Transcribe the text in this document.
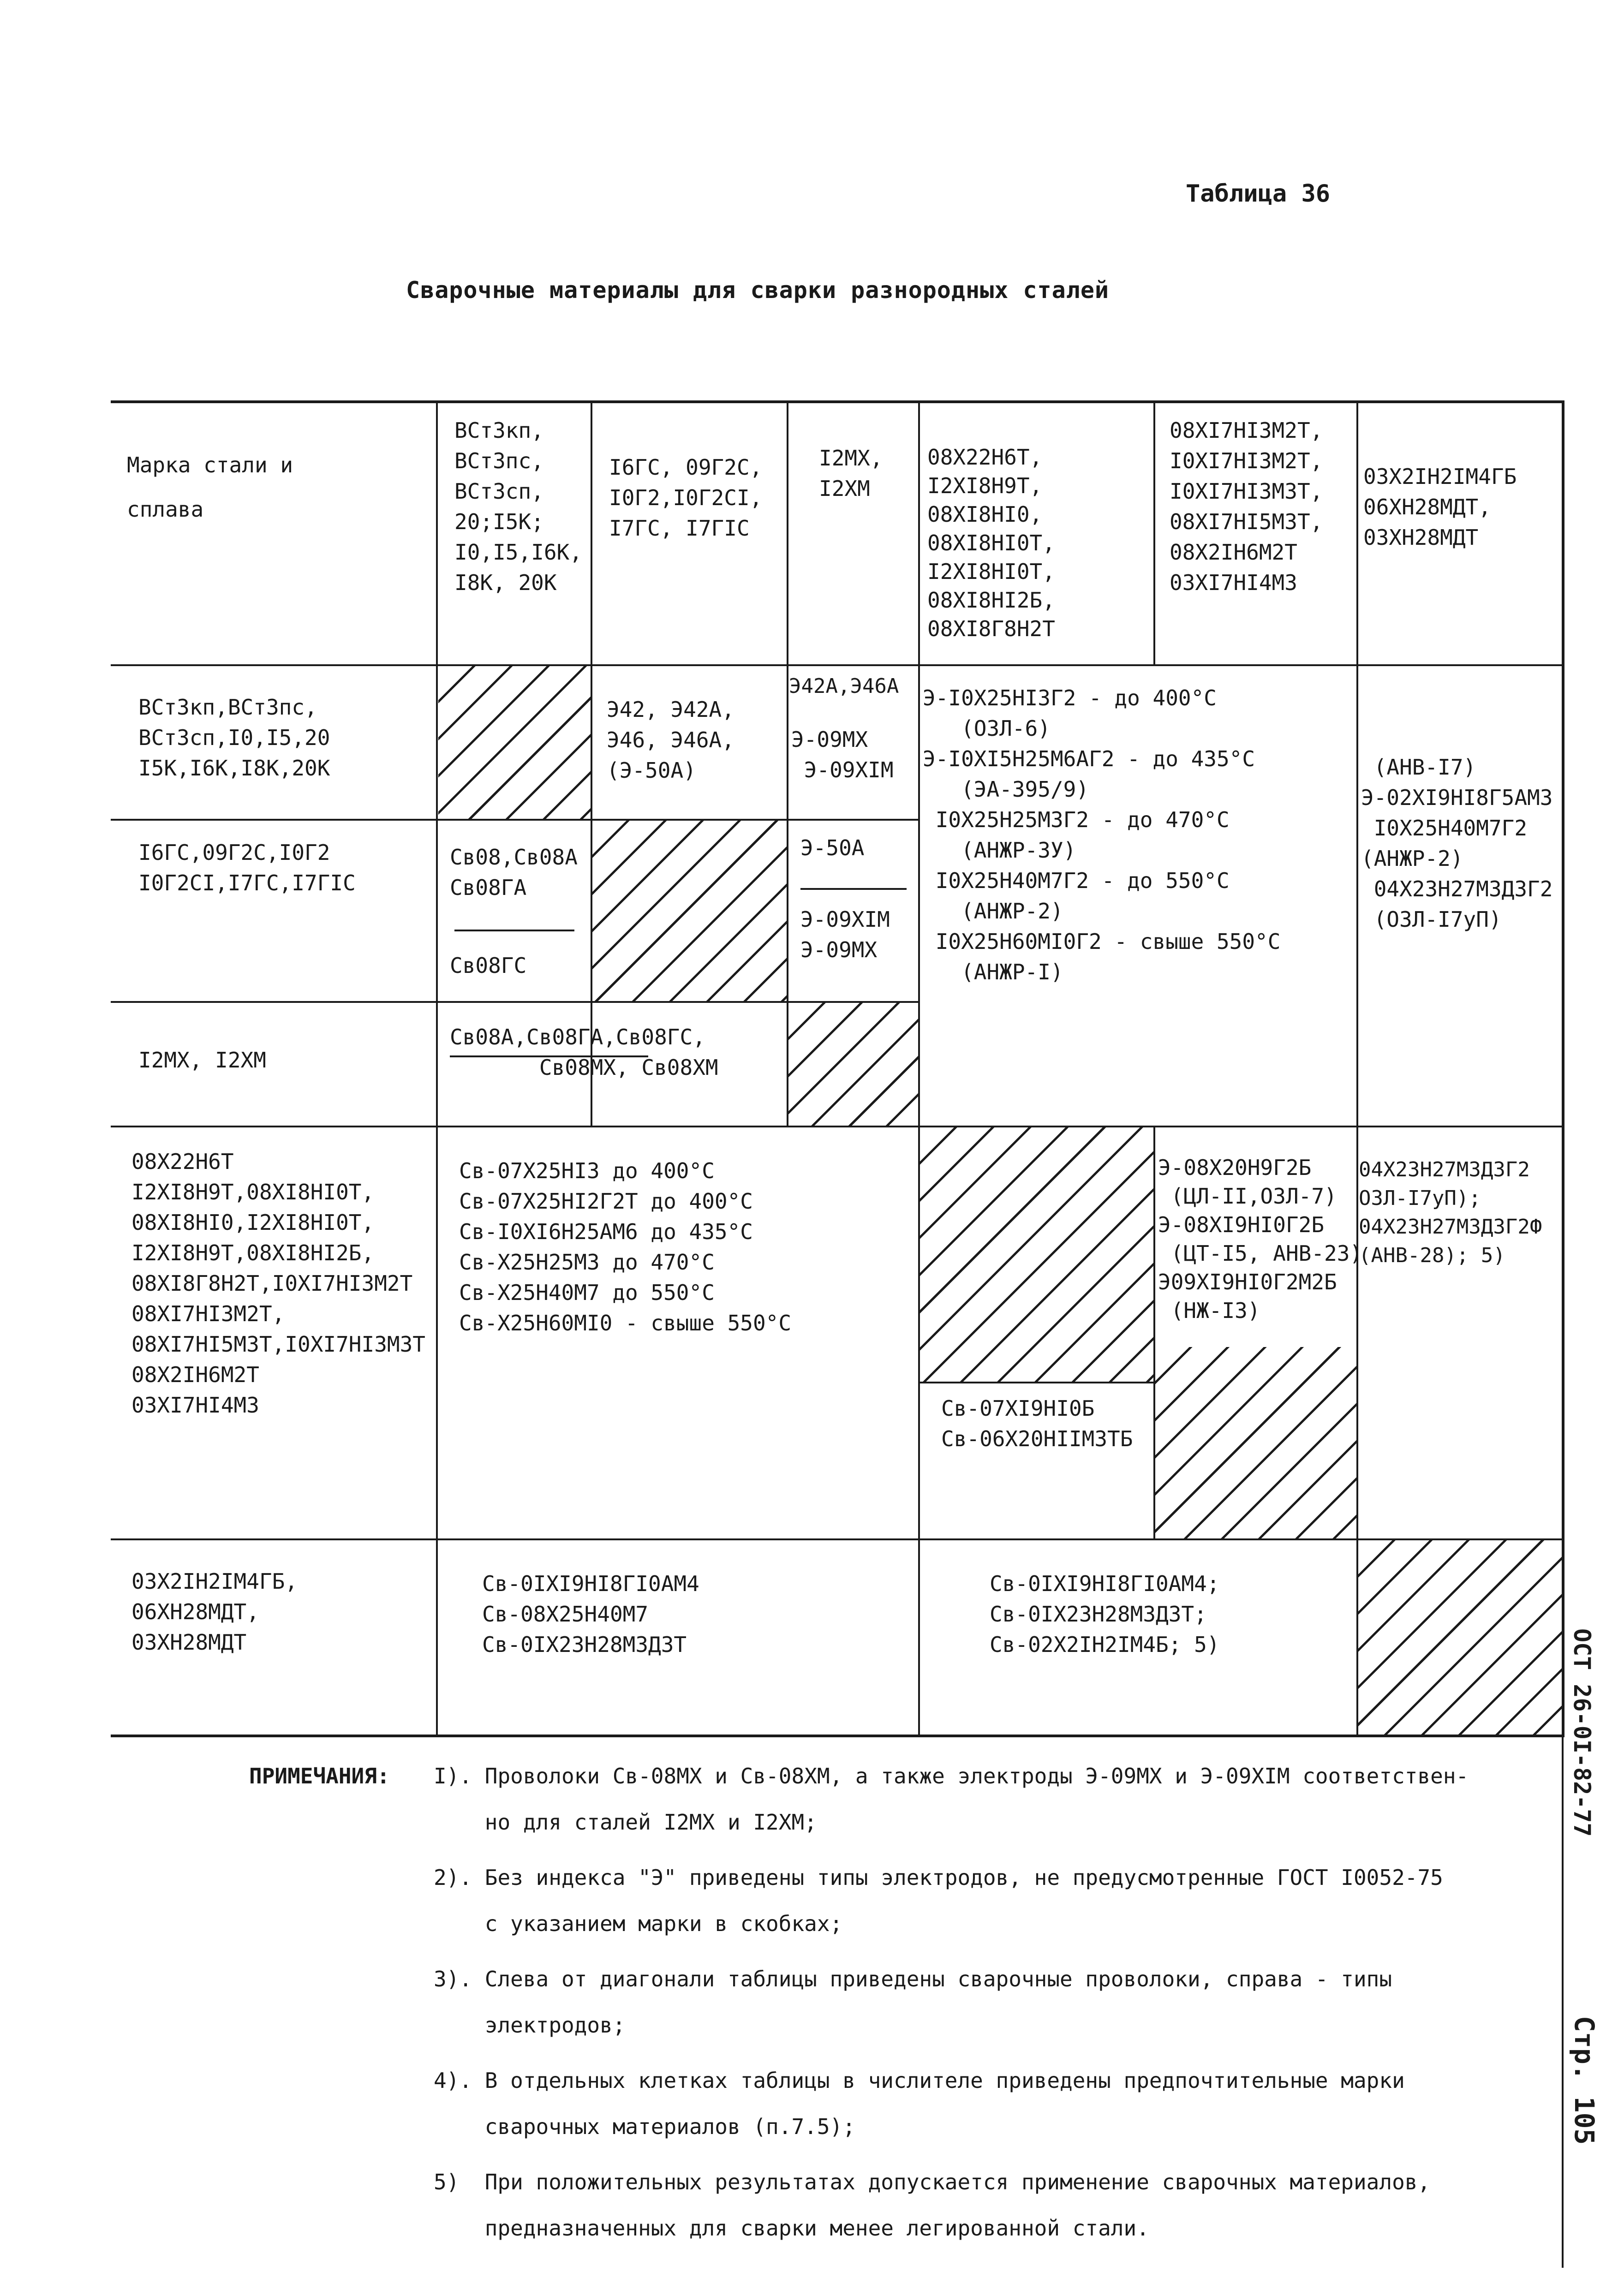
Таблица 36
Сварочные материалы для сварки разнородных сталей
Марка стали и
сплава
ВСт3кп,
ВСт3пс,
ВСт3сп,
20;I5K;
I0,I5,I6K,
I8K, 20K
I6ГС, 09Г2С,
I0Г2,I0Г2СI,
I7ГС, I7ГIС
I2МХ,
I2ХМ
08Х22Н6Т,
I2ХI8Н9Т,
08ХI8НI0,
08ХI8НI0Т,
I2ХI8НI0Т,
08ХI8НI2Б,
08ХI8Г8Н2Т
08ХI7НI3М2Т,
I0ХI7НI3М2Т,
I0ХI7НI3М3Т,
08ХI7НI5М3Т,
08Х2IН6М2Т
03ХI7НI4М3
03Х2IН2IМ4ГБ
06ХН28МДТ,
03ХН28МДТ
ВСт3кп,ВСт3пс,
ВСт3сп,I0,I5,20
I5K,I6K,I8K,20K
Э42, Э42А,
Э46, Э46А,
(Э-50А)
Э42А,Э46А
Э-09МХ
Э-09ХIМ
I6ГС,09Г2С,I0Г2
I0Г2СI,I7ГС,I7ГIС
Св08,Св08А
Св08ГА
Св08ГС
Э-50А
Э-09ХIМ
Э-09МХ
I2МХ, I2ХМ
Св08А,Св08ГА,Св08ГС,
Св08МХ, Св08ХМ
Э-I0Х25НI3Г2 - до 400°С
(ОЗЛ-6)
Э-I0ХI5Н25М6АГ2 - до 435°С
(ЭА-395/9)
I0Х25Н25М3Г2 - до 470°С
(АНЖР-3У)
I0Х25Н40М7Г2 - до 550°С
(АНЖР-2)
I0Х25Н60МI0Г2 - свыше 550°С
(АНЖР-I)
(АНВ-I7)
Э-02ХI9НI8Г5АМ3
I0Х25Н40М7Г2
(АНЖР-2)
04Х23Н27М3Д3Г2
(ОЗЛ-I7уП)
08Х22Н6Т
I2ХI8Н9Т,08ХI8НI0Т,
08ХI8НI0,I2ХI8НI0Т,
I2ХI8Н9Т,08ХI8НI2Б,
08ХI8Г8Н2Т,I0ХI7НI3М2Т
08ХI7НI3М2Т,
08ХI7НI5М3Т,I0ХI7НI3М3Т
08Х2IН6М2Т
03ХI7НI4М3
Св-07Х25НI3 до 400°С
Св-07Х25НI2Г2Т до 400°С
Св-I0ХI6Н25АМ6 до 435°С
Св-Х25Н25М3 до 470°С
Св-Х25Н40М7 до 550°С
Св-Х25Н60МI0 - свыше 550°С
Э-08Х20Н9Г2Б
(ЦЛ-II,ОЗЛ-7)
Э-08ХI9НI0Г2Б
(ЦТ-I5, АНВ-23)
Э09ХI9НI0Г2М2Б
(НЖ-I3)
04Х23Н27М3Д3Г2
ОЗЛ-I7уП);
04Х23Н27М3Д3Г2Ф
(АНВ-28); 5)
Св-07ХI9НI0Б
Св-06Х20НIIМ3ТБ
03Х2IН2IМ4ГБ,
06ХН28МДТ,
03ХН28МДТ
Св-0IХI9НI8ГI0АМ4
Св-08Х25Н40М7
Св-0IХ23Н28М3Д3Т
Св-0IХI9НI8ГI0АМ4;
Св-0IХ23Н28М3Д3Т;
Св-02Х2IН2IМ4Б; 5)
ПРИМЕЧАНИЯ: I). Проволоки Св-08МХ и Св-08ХМ, а также электроды Э-09МХ и Э-09ХIМ соответствен-
но для сталей I2МХ и I2ХМ;
2). Без индекса "Э" приведены типы электродов, не предусмотренные ГОСТ I0052-75
с указанием марки в скобках;
3). Слева от диагонали таблицы приведены сварочные проволоки, справа - типы
электродов;
4). В отдельных клетках таблицы в числителе приведены предпочтительные марки
сварочных материалов (п.7.5);
5)  При положительных результатах допускается применение сварочных материалов,
предназначенных для сварки менее легированной стали.
ОСТ 26-0I-82-77
Стр. 105
